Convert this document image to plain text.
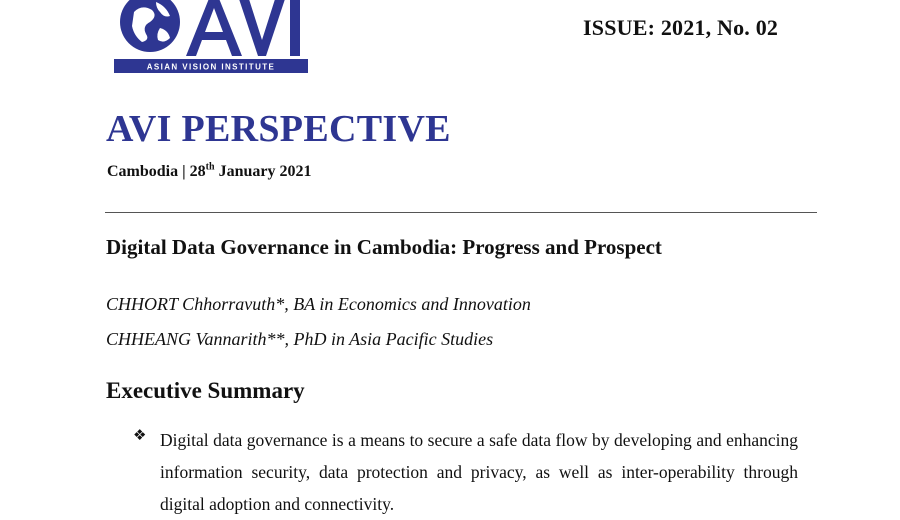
ASIAN VISION INSTITUTE
ISSUE: 2021, No. 02
AVI PERSPECTIVE
Cambodia | 28th January 2021
Digital Data Governance in Cambodia: Progress and Prospect
CHHORT Chhorravuth*, BA in Economics and Innovation
CHHEANG Vannarith**, PhD in Asia Pacific Studies
Executive Summary
❖ Digital data governance is a means to secure a safe data flow by developing and enhancing information security, data protection and privacy, as well as inter-operability through digital adoption and connectivity.
